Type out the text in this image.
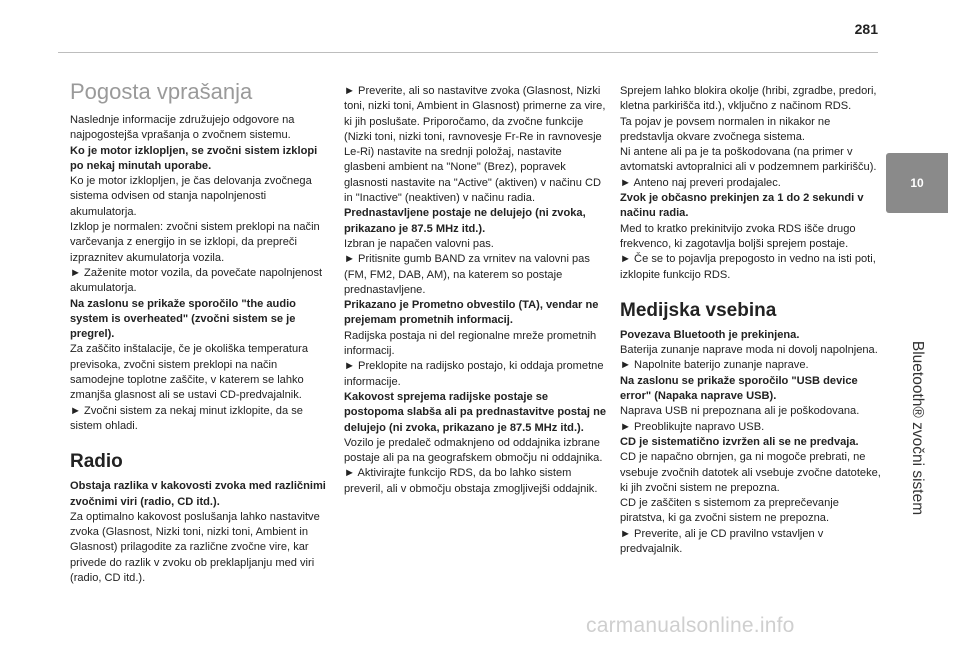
281
10
Bluetooth® zvočni sistem
Pogosta vprašanja

Naslednje informacije združujejo odgovore na najpogostejša vprašanja o zvočnem sistemu.

Ko je motor izklopljen, se zvočni sistem izklopi po nekaj minutah uporabe.

Ko je motor izklopljen, je čas delovanja zvočnega sistema odvisen od stanja napolnjenosti akumulatorja.

Izklop je normalen: zvočni sistem preklopi na način varčevanja z energijo in se izklopi, da prepreči izpraznitev akumulatorja vozila.

► Zaženite motor vozila, da povečate napolnjenost akumulatorja.

Na zaslonu se prikaže sporočilo "the audio system is overheated" (zvočni sistem se je pregrel).

Za zaščito inštalacije, če je okoliška temperatura previsoka, zvočni sistem preklopi na način samodejne toplotne zaščite, v katerem se lahko zmanjša glasnost ali se ustavi CD-predvajalnik.

► Zvočni sistem za nekaj minut izklopite, da se sistem ohladi.

Radio

Obstaja razlika v kakovosti zvoka med različnimi zvočnimi viri (radio, CD itd.).

Za optimalno kakovost poslušanja lahko nastavitve zvoka (Glasnost, Nizki toni, nizki toni, Ambient in Glasnost) prilagodite za različne zvočne vire, kar privede do razlik v zvoku ob preklapljanju med viri (radio, CD itd.).

► Preverite, ali so nastavitve zvoka (Glasnost, Nizki toni, nizki toni, Ambient in Glasnost) primerne za vire, ki jih poslušate. Priporočamo, da zvočne funkcije (Nizki toni, nizki toni, ravnovesje Fr-Re in ravnovesje Le-Ri) nastavite na srednji položaj, nastavite glasbeni ambient na "None" (Brez), popravek glasnosti nastavite na "Active" (aktiven) v načinu CD in "Inactive" (neaktiven) v načinu radia.

Prednastavljene postaje ne delujejo (ni zvoka, prikazano je 87.5 MHz itd.).

Izbran je napačen valovni pas.

► Pritisnite gumb BAND za vrnitev na valovni pas (FM, FM2, DAB, AM), na katerem so postaje prednastavljene.

Prikazano je Prometno obvestilo (TA), vendar ne prejemam prometnih informacij.

Radijska postaja ni del regionalne mreže prometnih informacij.

► Preklopite na radijsko postajo, ki oddaja prometne informacije.

Kakovost sprejema radijske postaje se postopoma slabša ali pa prednastavitve postaj ne delujejo (ni zvoka, prikazano je 87.5 MHz itd.).

Vozilo je predaleč odmaknjeno od oddajnika izbrane postaje ali pa na geografskem območju ni oddajnika.

► Aktivirajte funkcijo RDS, da bo lahko sistem preveril, ali v območju obstaja zmogljivejši oddajnik.

Sprejem lahko blokira okolje (hribi, zgradbe, predori, kletna parkirišča itd.), vključno z načinom RDS.

Ta pojav je povsem normalen in nikakor ne predstavlja okvare zvočnega sistema.

Ni antene ali pa je ta poškodovana (na primer v avtomatski avtopralnici ali v podzemnem parkirišču).

► Anteno naj preveri prodajalec.

Zvok je občasno prekinjen za 1 do 2 sekundi v načinu radia.

Med to kratko prekinitvijo zvoka RDS išče drugo frekvenco, ki zagotavlja boljši sprejem postaje.

► Če se to pojavlja prepogosto in vedno na isti poti, izklopite funkcijo RDS.

Medijska vsebina

Povezava Bluetooth je prekinjena.

Baterija zunanje naprave moda ni dovolj napolnjena.

► Napolnite baterijo zunanje naprave.

Na zaslonu se prikaže sporočilo "USB device error" (Napaka naprave USB).

Naprava USB ni prepoznana ali je poškodovana.

► Preoblikujte napravo USB.

CD je sistematično izvržen ali se ne predvaja.

CD je napačno obrnjen, ga ni mogoče prebrati, ne vsebuje zvočnih datotek ali vsebuje zvočne datoteke, ki jih zvočni sistem ne prepozna.

CD je zaščiten s sistemom za preprečevanje piratstva, ki ga zvočni sistem ne prepozna.

► Preverite, ali je CD pravilno vstavljen v predvajalnik.

carmanualsonline.info
